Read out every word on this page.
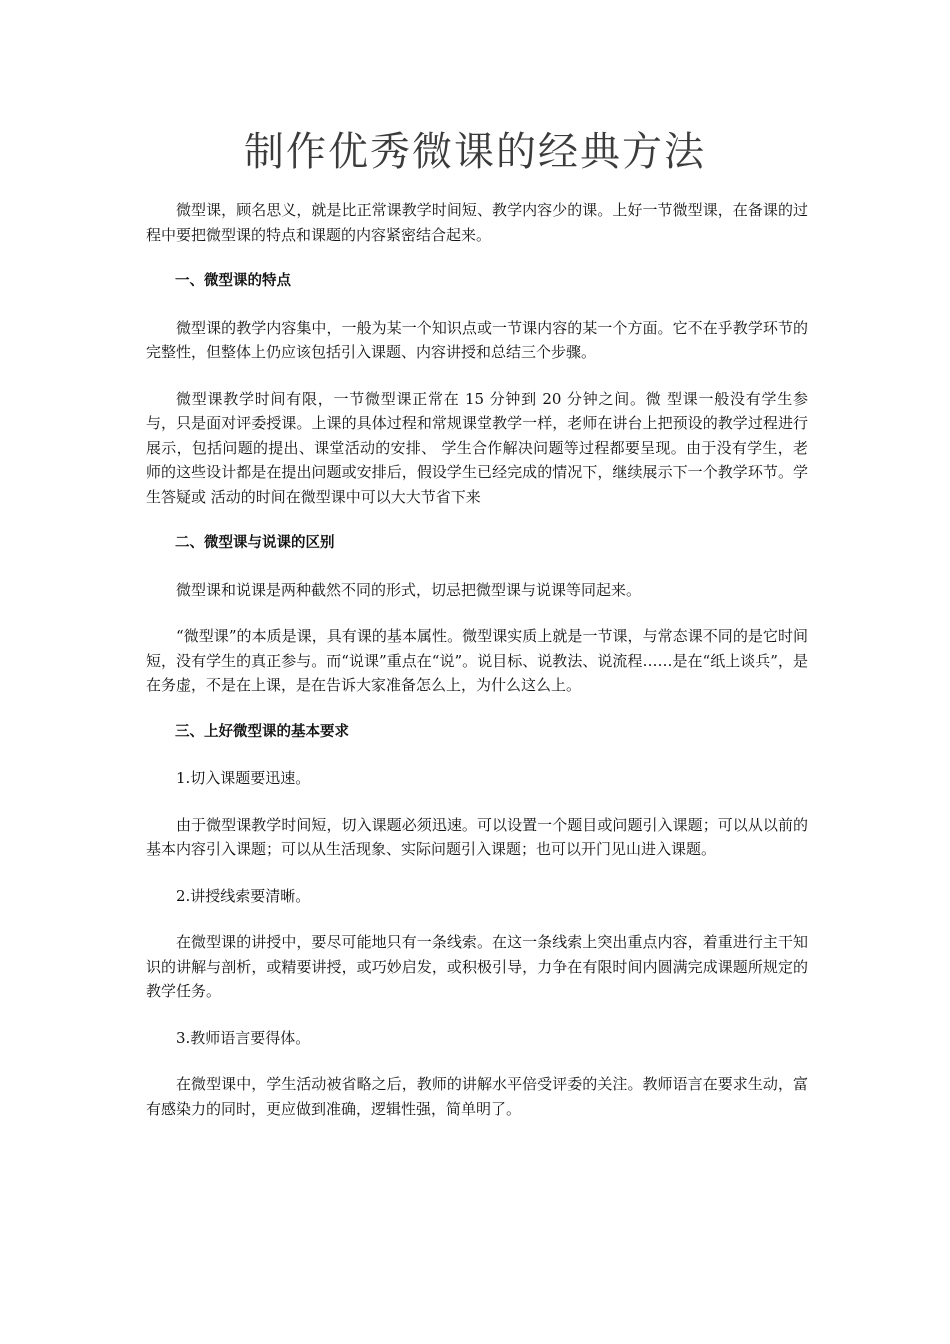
制作优秀微课的经典方法

微型课，顾名思义，就是比正常课教学时间短、教学内容少的课。上好一节微型课，在备课的过程中要把微型课的特点和课题的内容紧密结合起来。

一、微型课的特点

微型课的教学内容集中，一般为某一个知识点或一节课内容的某一个方面。它不在乎教学环节的完整性，但整体上仍应该包括引入课题、内容讲授和总结三个步骤。

微型课教学时间有限，一节微型课正常在 15 分钟到 20 分钟之间。微 型课一般没有学生参与，只是面对评委授课。上课的具体过程和常规课堂教学一样，老师在讲台上把预设的教学过程进行展示，包括问题的提出、课堂活动的安排、 学生合作解决问题等过程都要呈现。由于没有学生，老师的这些设计都是在提出问题或安排后，假设学生已经完成的情况下，继续展示下一个教学环节。学生答疑或 活动的时间在微型课中可以大大节省下来

二、微型课与说课的区别

微型课和说课是两种截然不同的形式，切忌把微型课与说课等同起来。

“微型课”的本质是课，具有课的基本属性。微型课实质上就是一节课，与常态课不同的是它时间短，没有学生的真正参与。而“说课”重点在“说”。说目标、说教法、说流程……是在“纸上谈兵”，是在务虚，不是在上课，是在告诉大家准备怎么上，为什么这么上。

三、上好微型课的基本要求

1.切入课题要迅速。

由于微型课教学时间短，切入课题必须迅速。可以设置一个题目或问题引入课题；可以从以前的基本内容引入课题；可以从生活现象、实际问题引入课题；也可以开门见山进入课题。

2.讲授线索要清晰。

在微型课的讲授中，要尽可能地只有一条线索。在这一条线索上突出重点内容，着重进行主干知识的讲解与剖析，或精要讲授，或巧妙启发，或积极引导，力争在有限时间内圆满完成课题所规定的教学任务。

3.教师语言要得体。

在微型课中，学生活动被省略之后，教师的讲解水平倍受评委的关注。教师语言在要求生动，富有感染力的同时，更应做到准确，逻辑性强，简单明了。
